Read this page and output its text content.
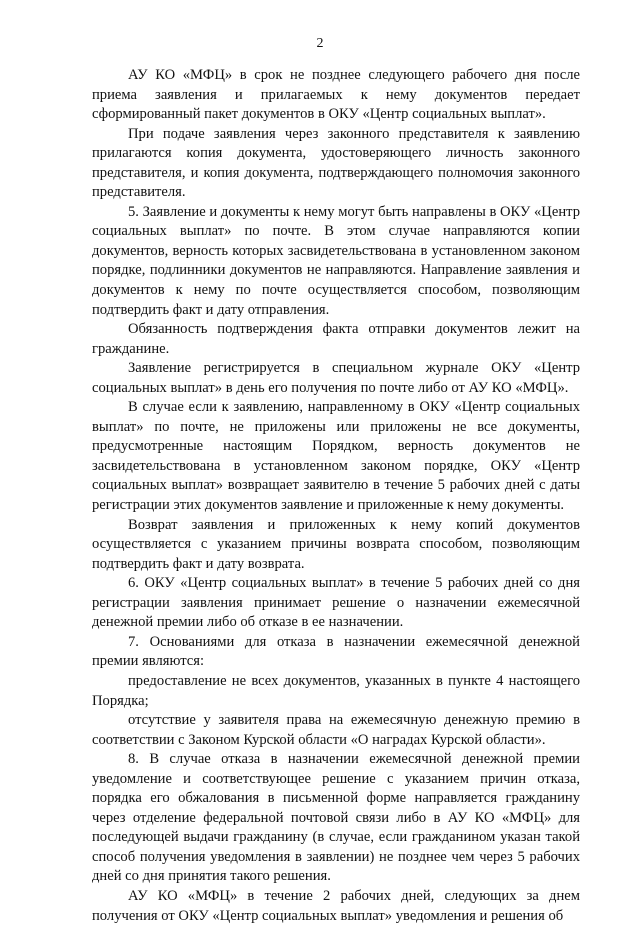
2

АУ КО «МФЦ» в срок не позднее следующего рабочего дня после приема заявления и прилагаемых к нему документов передает сформированный пакет документов в ОКУ «Центр социальных выплат».

При подаче заявления через законного представителя к заявлению прилагаются копия документа, удостоверяющего личность законного представителя, и копия документа, подтверждающего полномочия законного представителя.

5. Заявление и документы к нему могут быть направлены в ОКУ «Центр социальных выплат» по почте. В этом случае направляются копии документов, верность которых засвидетельствована в установленном законом порядке, подлинники документов не направляются. Направление заявления и документов к нему по почте осуществляется способом, позволяющим подтвердить факт и дату отправления.

Обязанность подтверждения факта отправки документов лежит на гражданине.

Заявление регистрируется в специальном журнале ОКУ «Центр социальных выплат» в день его получения по почте либо от АУ КО «МФЦ».

В случае если к заявлению, направленному в ОКУ «Центр социальных выплат» по почте, не приложены или приложены не все документы, предусмотренные настоящим Порядком, верность документов не засвидетельствована в установленном законом порядке, ОКУ «Центр социальных выплат» возвращает заявителю в течение 5 рабочих дней с даты регистрации этих документов заявление и приложенные к нему документы.

Возврат заявления и приложенных к нему копий документов осуществляется с указанием причины возврата способом, позволяющим подтвердить факт и дату возврата.

6. ОКУ «Центр социальных выплат» в течение 5 рабочих дней со дня регистрации заявления принимает решение о назначении ежемесячной денежной премии либо об отказе в ее назначении.

7. Основаниями для отказа в назначении ежемесячной денежной премии являются:

предоставление не всех документов, указанных в пункте 4 настоящего Порядка;

отсутствие у заявителя права на ежемесячную денежную премию в соответствии с Законом Курской области «О наградах Курской области».

8. В случае отказа в назначении ежемесячной денежной премии уведомление и соответствующее решение с указанием причин отказа, порядка его обжалования в письменной форме направляется гражданину через отделение федеральной почтовой связи либо в АУ КО «МФЦ» для последующей выдачи гражданину (в случае, если гражданином указан такой способ получения уведомления в заявлении) не позднее чем через 5 рабочих дней со дня принятия такого решения.

АУ КО «МФЦ» в течение 2 рабочих дней, следующих за днем получения от ОКУ «Центр социальных выплат» уведомления и решения об
